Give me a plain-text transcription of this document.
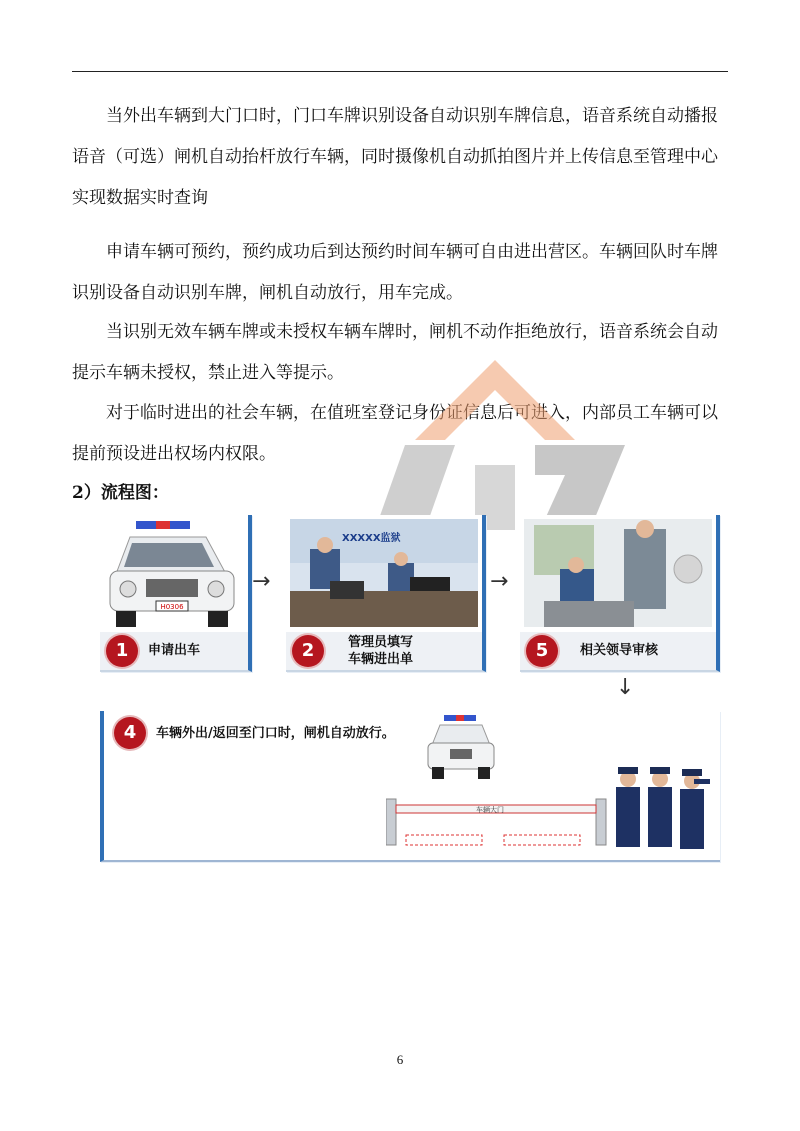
当外出车辆到大门口时，门口车牌识别设备自动识别车牌信息，语音系统自动播报语音（可选）闸机自动抬杆放行车辆，同时摄像机自动抓拍图片并上传信息至管理中心实现数据实时查询

申请车辆可预约，预约成功后到达预约时间车辆可自由进出营区。车辆回队时车牌识别设备自动识别车牌，闸机自动放行，用车完成。

当识别无效车辆车牌或未授权车辆车牌时，闸机不动作拒绝放行，语音系统会自动提示车辆未授权，禁止进入等提示。

对于临时进出的社会车辆，在值班室登记身份证信息后可进入，内部员工车辆可以提前预设进出权场内权限。

2）流程图：

H0306
1	申请出车
→
XXXXX监狱
2	管理员填写
车辆进出单
→
5	相关领导审核
↓
4	车辆外出/返回至门口时，闸机自动放行。
车辆大门
6
